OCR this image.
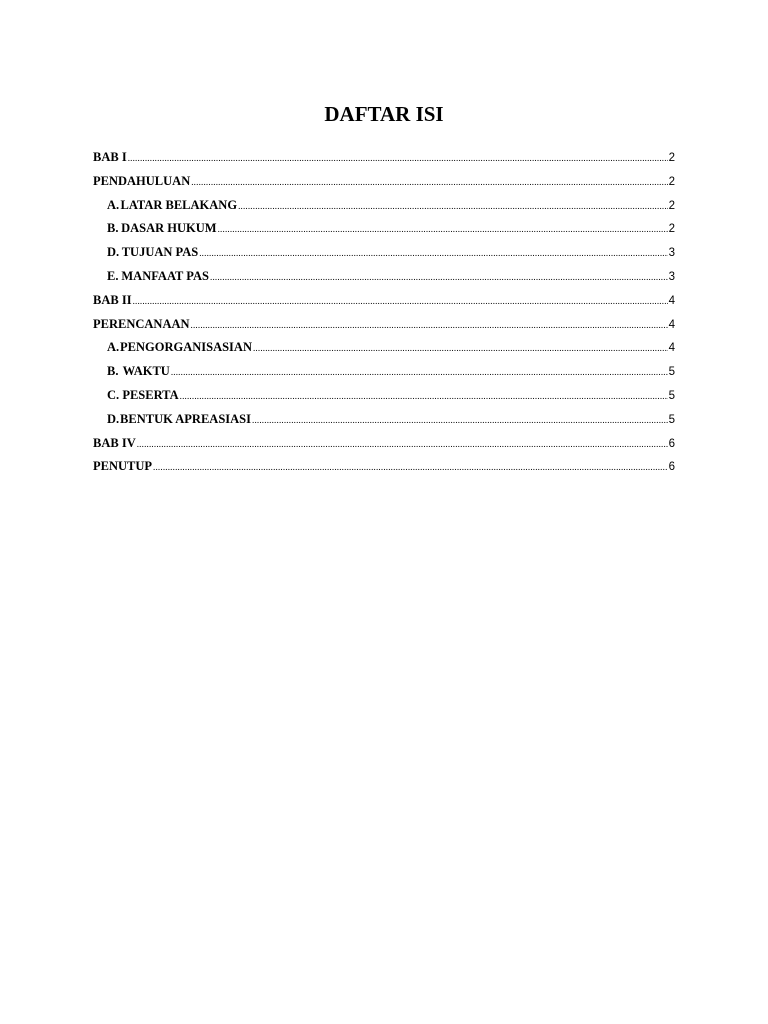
DAFTAR ISI
BAB I .....	2
PENDAHULUAN .....	2
A. LATAR BELAKANG .....	2
B. DASAR HUKUM .....	2
D. TUJUAN PAS .....	3
E. MANFAAT PAS .....	3
BAB II .....	4
PERENCANAAN .....	4
A. PENGORGANISASIAN .....	4
B. WAKTU .....	5
C. PESERTA .....	5
D. BENTUK APREASIASI .....	5
BAB IV .....	6
PENUTUP .....	6
